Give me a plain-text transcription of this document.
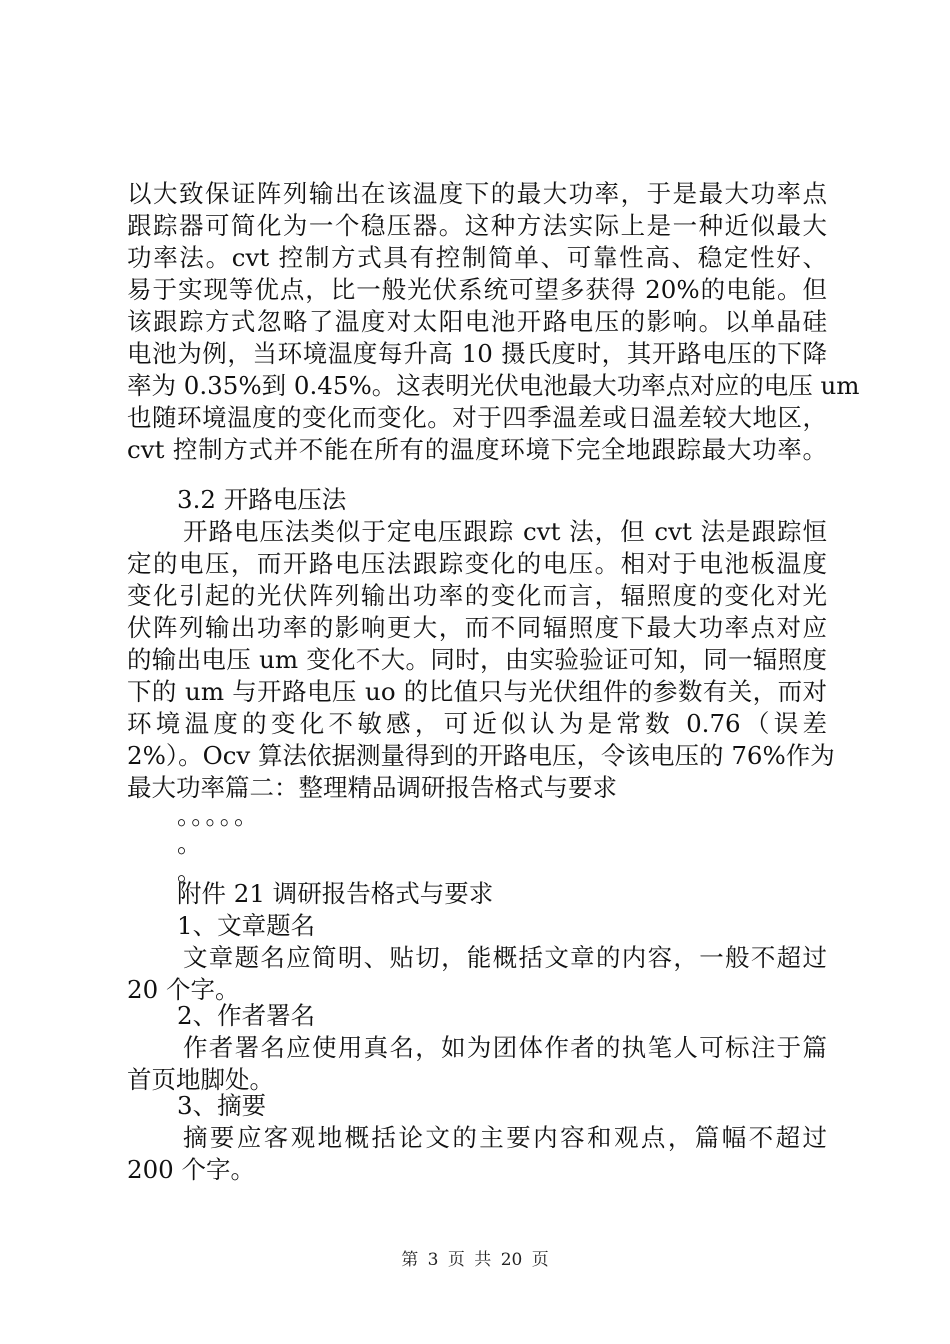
以大致保证阵列输出在该温度下的最大功率，于是最大功率点
跟踪器可简化为一个稳压器。这种方法实际上是一种近似最大
功率法。cvt 控制方式具有控制简单、可靠性高、稳定性好、
易于实现等优点，比一般光伏系统可望多获得 20%的电能。但
该跟踪方式忽略了温度对太阳电池开路电压的影响。以单晶硅
电池为例，当环境温度每升高 10 摄氏度时，其开路电压的下降
率为 0.35%到 0.45%。这表明光伏电池最大功率点对应的电压 um
也随环境温度的变化而变化。对于四季温差或日温差较大地区，
cvt 控制方式并不能在所有的温度环境下完全地跟踪最大功率。
3.2 开路电压法
开路电压法类似于定电压跟踪 cvt 法，但 cvt 法是跟踪恒
定的电压，而开路电压法跟踪变化的电压。相对于电池板温度
变化引起的光伏阵列输出功率的变化而言，辐照度的变化对光
伏阵列输出功率的影响更大，而不同辐照度下最大功率点对应
的输出电压 um 变化不大。同时，由实验验证可知，同一辐照度
下的 um 与开路电压 uo 的比值只与光伏组件的参数有关，而对
环境温度的变化不敏感，可近似认为是常数 0.76（误差
2%）。Ocv 算法依据测量得到的开路电压，令该电压的 76%作为
最大功率篇二：整理精品调研报告格式与要求
。。。。。
。
。
附件 21 调研报告格式与要求
1、文章题名
文章题名应简明、贴切，能概括文章的内容，一般不超过
20 个字。
2、作者署名
作者署名应使用真名，如为团体作者的执笔人可标注于篇
首页地脚处。
3、摘要
摘要应客观地概括论文的主要内容和观点，篇幅不超过
200 个字。
第 3 页 共 20 页
